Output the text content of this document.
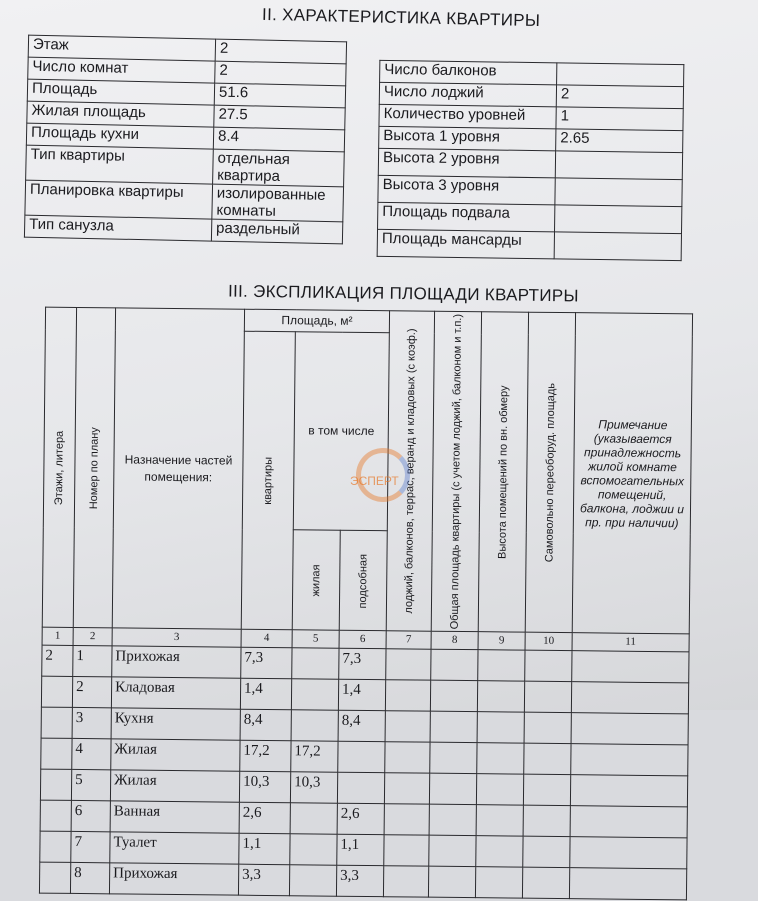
II. ХАРАКТЕРИСТИКА КВАРТИРЫ
Этаж	2
Число комнат	2
Площадь	51.6
Жилая площадь	27.5
Площадь кухни	8.4
Тип квартиры	отдельная квартира
Планировка квартиры	изолированные комнаты
Тип санузла	раздельный
Число балконов	
Число лоджий	2
Количество уровней	1
Высота 1 уровня	2.65
Высота 2 уровня	
Высота 3 уровня	
Площадь подвала	
Площадь мансарды	
III. ЭКСПЛИКАЦИЯ ПЛОЩАДИ КВАРТИРЫ
Этажи, литера	Номер по плану	Назначение частей помещения:	Площадь, м²			лоджий, балконов, террас, веранд и кладовых (с коэф.)	Общая площадь квартиры (с учетом лоджий, балконом и т.п.)	Высота помещений по вн. обмеру	Самовольно переоборуд. площадь	Примечание (указывается принадлежность жилой комнате вспомогательных помещений, балкона, лоджии и пр. при наличии)

			квартиры	в том числе						

				жилая	подсобная					

1	2	3	4	5	6	7	8	9	10	11
2	1	Прихожая	7,3		7,3					
	2	Кладовая	1,4		1,4					
	3	Кухня	8,4		8,4					
	4	Жилая	17,2	17,2						
	5	Жилая	10,3	10,3						
	6	Ванная	2,6		2,6					
	7	Туалет	1,1		1,1					
	8	Прихожая	3,3		3,3					
ЭСПЕРТ
